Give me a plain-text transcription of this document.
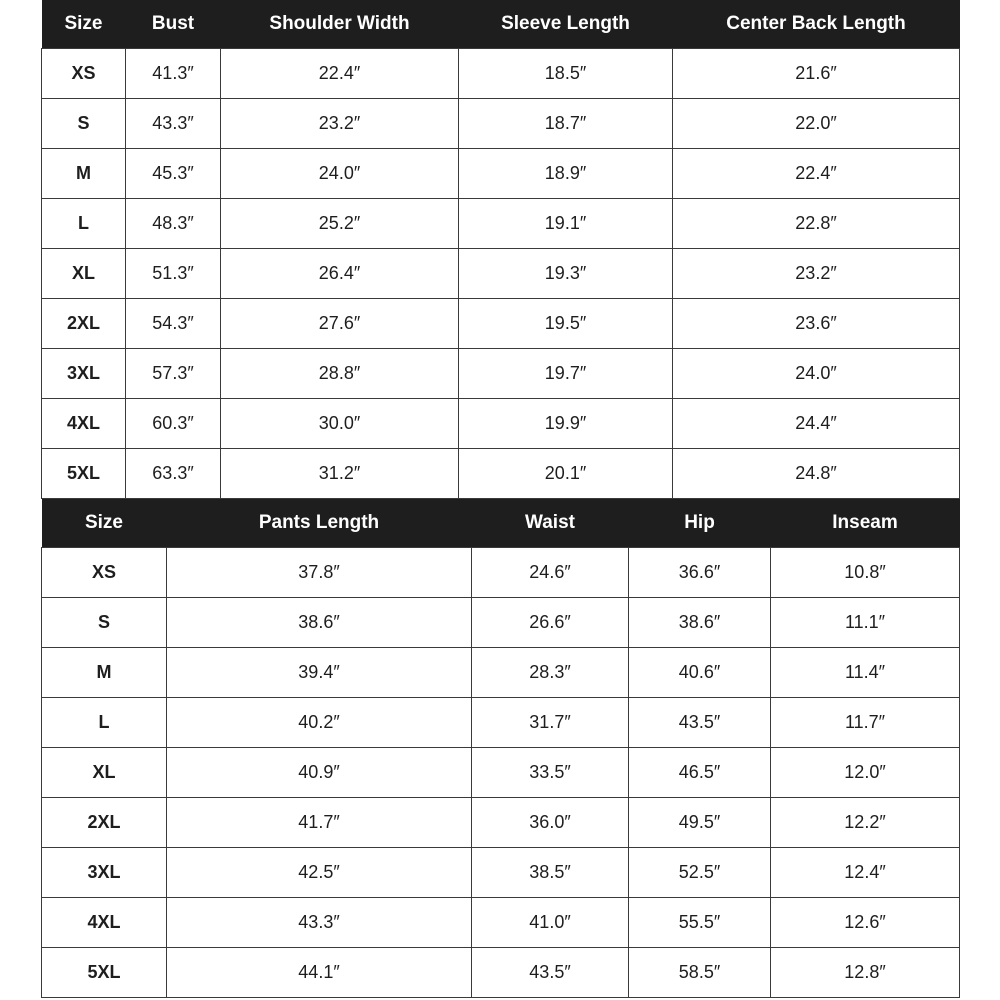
Size	Bust	Shoulder Width	Sleeve Length	Center Back Length
XS	41.3″	22.4″	18.5″	21.6″
S	43.3″	23.2″	18.7″	22.0″
M	45.3″	24.0″	18.9″	22.4″
L	48.3″	25.2″	19.1″	22.8″
XL	51.3″	26.4″	19.3″	23.2″
2XL	54.3″	27.6″	19.5″	23.6″
3XL	57.3″	28.8″	19.7″	24.0″
4XL	60.3″	30.0″	19.9″	24.4″
5XL	63.3″	31.2″	20.1″	24.8″
Size	Pants Length	Waist	Hip	Inseam
XS	37.8″	24.6″	36.6″	10.8″
S	38.6″	26.6″	38.6″	11.1″
M	39.4″	28.3″	40.6″	11.4″
L	40.2″	31.7″	43.5″	11.7″
XL	40.9″	33.5″	46.5″	12.0″
2XL	41.7″	36.0″	49.5″	12.2″
3XL	42.5″	38.5″	52.5″	12.4″
4XL	43.3″	41.0″	55.5″	12.6″
5XL	44.1″	43.5″	58.5″	12.8″
